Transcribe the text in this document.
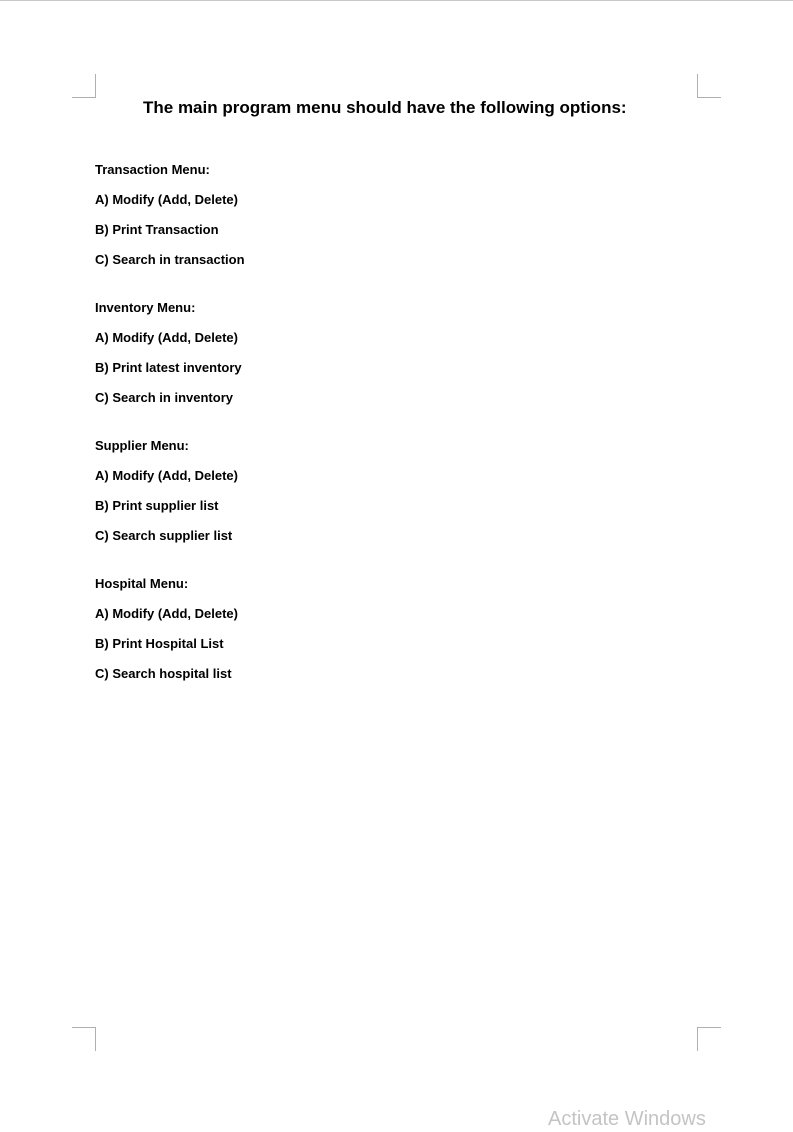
The main program menu should have the following options:
Transaction Menu:
A) Modify (Add, Delete)
B) Print Transaction
C) Search in transaction
Inventory Menu:
A) Modify (Add, Delete)
B) Print latest inventory
C) Search in inventory
Supplier Menu:
A) Modify (Add, Delete)
B) Print supplier list
C) Search supplier list
Hospital Menu:
A) Modify (Add, Delete)
B) Print Hospital List
C) Search hospital list
Activate Windows
